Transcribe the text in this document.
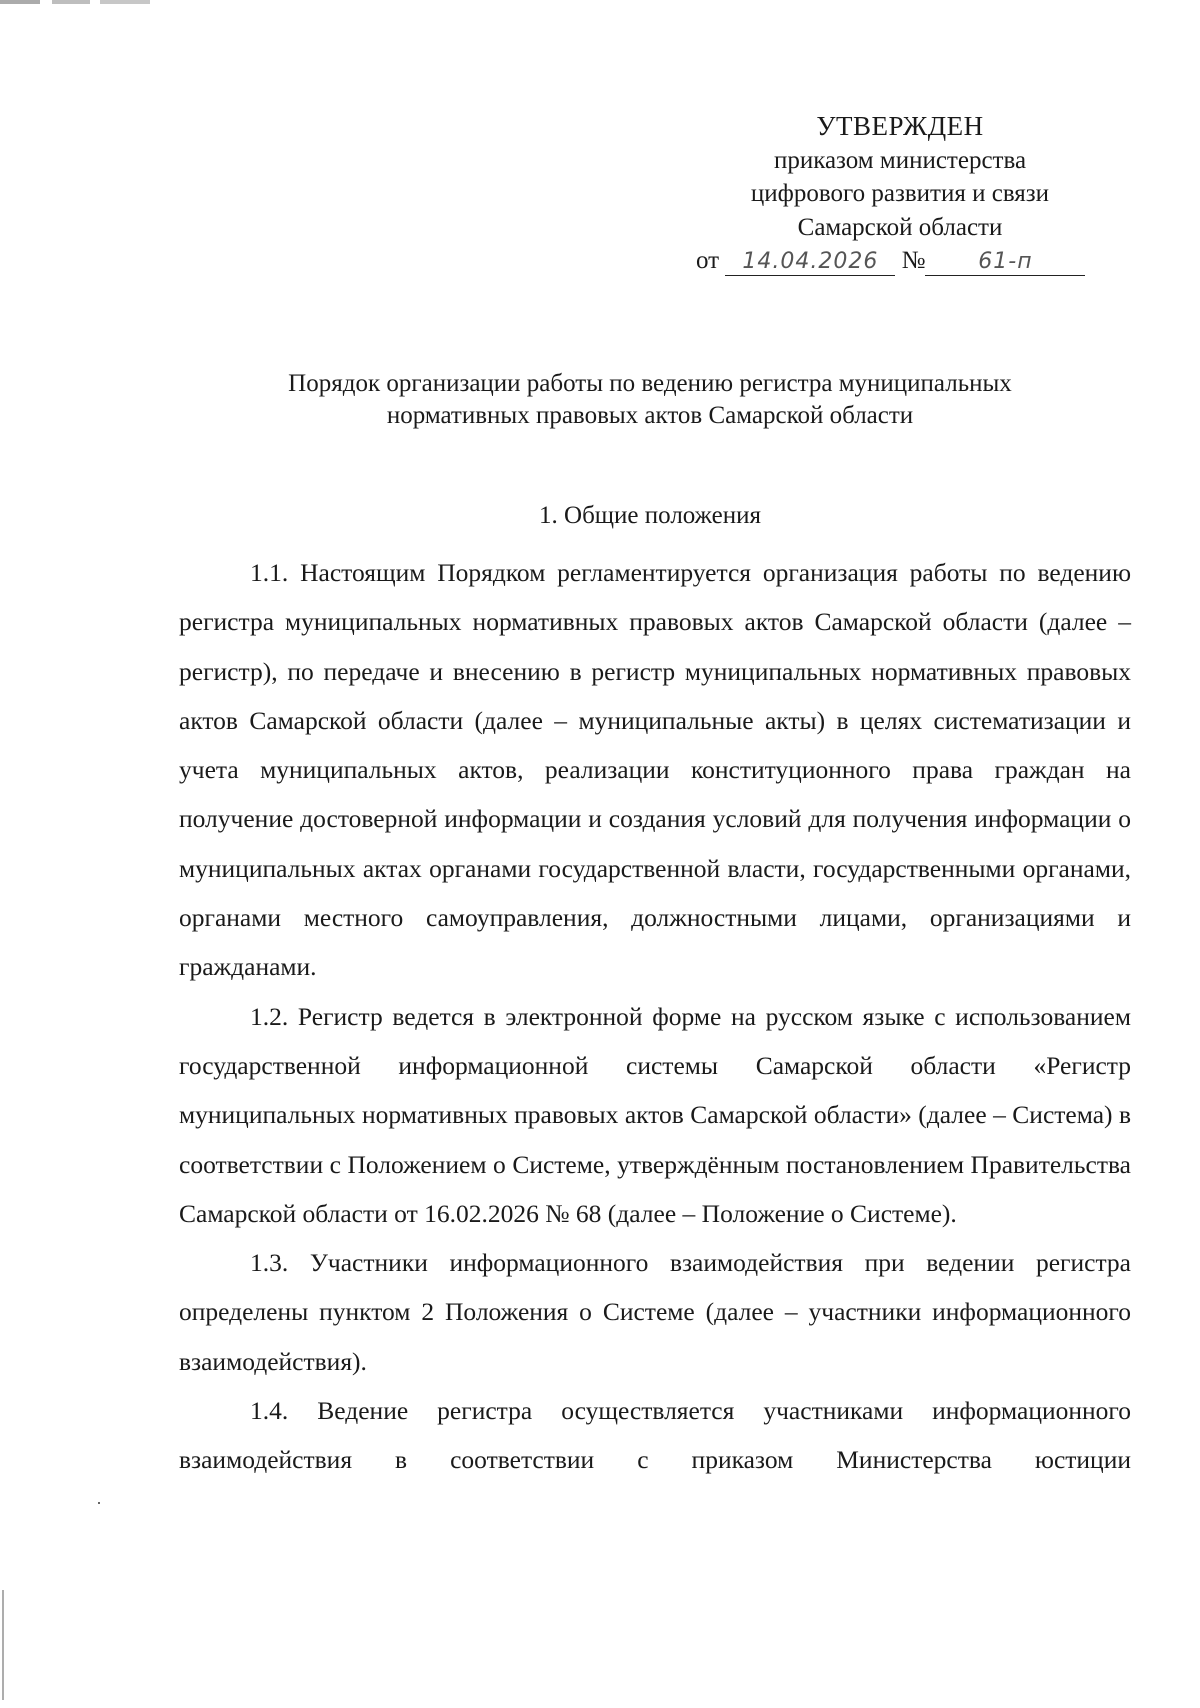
УТВЕРЖДЕН
приказом министерства
цифрового развития и связи
Самарской области
от 14.04.2026 № 61-п
Порядок организации работы по ведению регистра муниципальных
нормативных правовых актов Самарской области
1. Общие положения

1.1. Настоящим Порядком регламентируется организация работы по ведению регистра муниципальных нормативных правовых актов Самарской области (далее – регистр), по передаче и внесению в регистр муниципальных нормативных правовых актов Самарской области (далее – муниципальные акты) в целях систематизации и учета муниципальных актов, реализации конституционного права граждан на получение достоверной информации и создания условий для получения информации о муниципальных актах органами государственной власти, государственными органами, органами местного самоуправления, должностными лицами, организациями и гражданами.

1.2. Регистр ведется в электронной форме на русском языке с использованием государственной информационной системы Самарской области «Регистр муниципальных нормативных правовых актов Самарской области» (далее – Система) в соответствии с Положением о Системе, утверждённым постановлением Правительства Самарской области от 16.02.2026 № 68 (далее – Положение о Системе).

1.3. Участники информационного взаимодействия при ведении регистра определены пунктом 2 Положения о Системе (далее – участники информационного взаимодействия).

1.4. Ведение регистра осуществляется участниками информационного взаимодействия в соответствии с приказом Министерства юстиции
